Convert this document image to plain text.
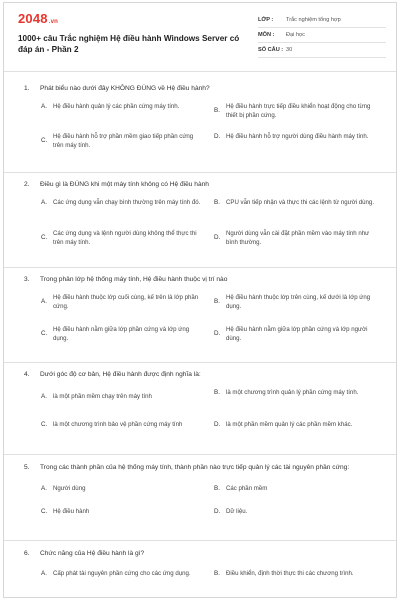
2048.vn
1000+ câu Trắc nghiệm Hệ điều hành Windows Server có đáp án - Phần 2
LỚP :	Trắc nghiệm tổng hợp
MÔN :	Đại học
SỐ CÂU : 30
1.	Phát biểu nào dưới đây KHÔNG ĐÚNG về Hệ điều hành?
A. Hệ điều hành quản lý các phần cứng máy tính.
B.
Hệ điều hành trực tiếp điều khiển hoạt động cho từng thiết bị phần cứng.
C.
Hệ điều hành hỗ trợ phần mềm giao tiếp phần cứng trên máy tính.
D. Hệ điều hành hỗ trợ người dùng điều hành máy tính.
2.	Điều gì là ĐÚNG khi một máy tính không có Hệ điều hành
A. Các ứng dụng vẫn chạy bình thường trên máy tính đó. B. CPU vẫn tiếp nhận và thực thi các lệnh từ người dùng.
C.
Các ứng dụng và lệnh người dùng không thể thực thi trên máy tính.
D.
Người dùng vẫn cài đặt phần mềm vào máy tính như bình thường.
3.	Trong phân lớp hệ thống máy tính, Hệ điều hành thuộc vị trí nào
A.
Hệ điều hành thuộc lớp cuối cùng, kế trên là lớp phần cứng.
B.
Hệ điều hành thuộc lớp trên cùng, kế dưới là lớp ứng dụng.
C.
Hệ điều hành nằm giữa lớp phần cứng và lớp ứng dụng.
D.
Hệ điều hành nằm giữa lớp phần cứng và lớp người dùng.
4.	Dưới góc độ cơ bản, Hệ điều hành được định nghĩa là:
A. là một phần mềm chạy trên máy tính
B. là một chương trình quản lý phần cứng máy tính.
C. là một chương trình bảo vệ phần cứng máy tính	D. là một phần mềm quản lý các phần mềm khác.
5.	Trong các thành phần của hệ thống máy tính, thành phần nào trực tiếp quản lý các tài nguyên phần cứng:
A. Người dùng	B. Các phần mềm
C. Hệ điều hành	D. Dữ liệu.
6.	Chức năng của Hệ điều hành là gì?
A. Cấp phát tài nguyên phần cứng cho các ứng dụng.	B. Điều khiển, định thời thực thi các chương trình.
